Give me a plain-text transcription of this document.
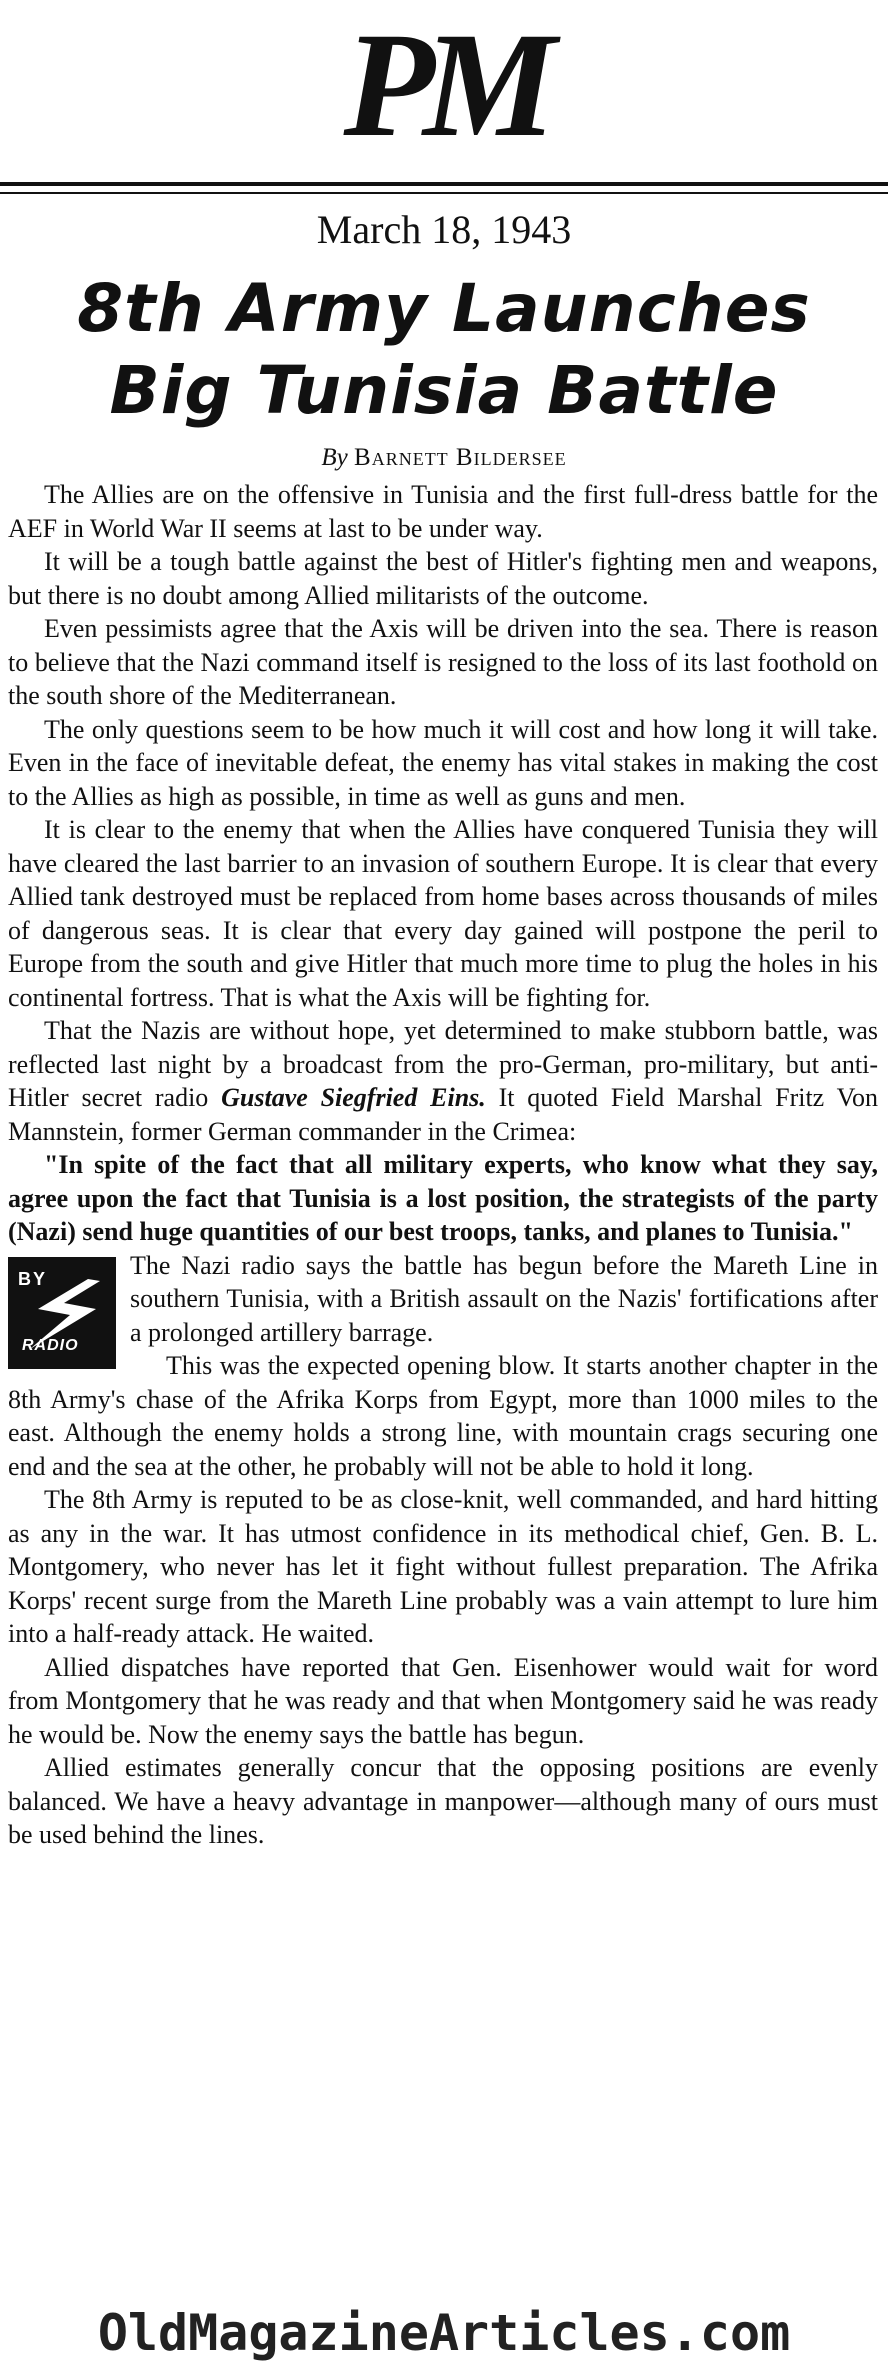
PM
March 18, 1943
8th Army Launches
Big Tunisia Battle
By Barnett Bildersee

The Allies are on the offensive in Tunisia and the first full-dress battle for the AEF in World War II seems at last to be under way.

It will be a tough battle against the best of Hitler's fighting men and weapons, but there is no doubt among Allied militarists of the outcome.

Even pessimists agree that the Axis will be driven into the sea. There is reason to believe that the Nazi command itself is resigned to the loss of its last foothold on the south shore of the Mediterranean.

The only questions seem to be how much it will cost and how long it will take. Even in the face of inevitable defeat, the enemy has vital stakes in making the cost to the Allies as high as possible, in time as well as guns and men.

It is clear to the enemy that when the Allies have conquered Tunisia they will have cleared the last barrier to an invasion of southern Europe. It is clear that every Allied tank destroyed must be replaced from home bases across thousands of miles of dangerous seas. It is clear that every day gained will postpone the peril to Europe from the south and give Hitler that much more time to plug the holes in his continental fortress. That is what the Axis will be fighting for.

That the Nazis are without hope, yet determined to make stubborn battle, was reflected last night by a broadcast from the pro-German, pro-military, but anti-Hitler secret radio Gustave Siegfried Eins. It quoted Field Marshal Fritz Von Mannstein, former German commander in the Crimea:

"In spite of the fact that all military experts, who know what they say, agree upon the fact that Tunisia is a lost position, the strategists of the party (Nazi) send huge quantities of our best troops, tanks, and planes to Tunisia."

BY
RADIO

The Nazi radio says the battle has begun before the Mareth Line in southern Tunisia, with a British assault on the Nazis' fortifications after a prolonged artillery barrage.

This was the expected opening blow. It starts another chapter in the 8th Army's chase of the Afrika Korps from Egypt, more than 1000 miles to the east. Although the enemy holds a strong line, with mountain crags securing one end and the sea at the other, he probably will not be able to hold it long.

The 8th Army is reputed to be as close-knit, well commanded, and hard hitting as any in the war. It has utmost confidence in its methodical chief, Gen. B. L. Montgomery, who never has let it fight without fullest preparation. The Afrika Korps' recent surge from the Mareth Line probably was a vain attempt to lure him into a half-ready attack. He waited.

Allied dispatches have reported that Gen. Eisenhower would wait for word from Montgomery that he was ready and that when Montgomery said he was ready he would be. Now the enemy says the battle has begun.

Allied estimates generally concur that the opposing positions are evenly balanced. We have a heavy advantage in manpower—although many of ours must be used behind the lines.

OldMagazineArticles.com
